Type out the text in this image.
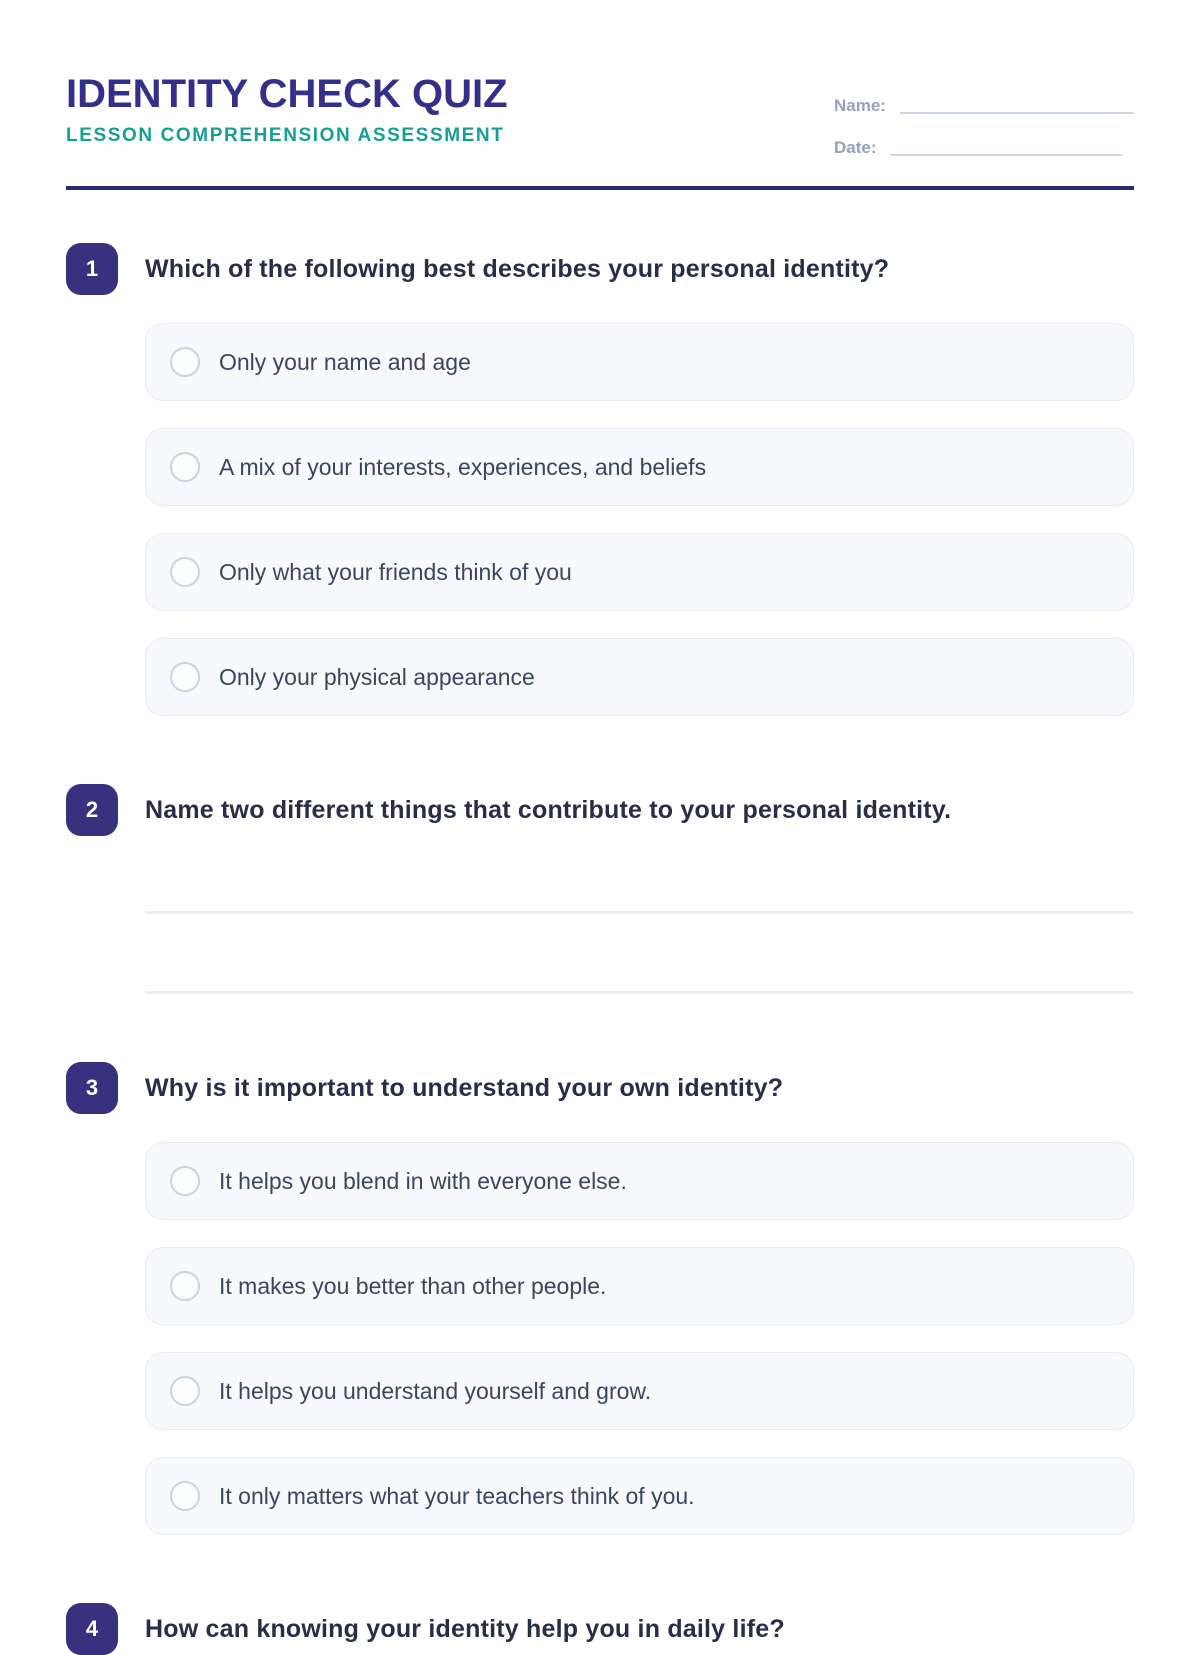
IDENTITY CHECK QUIZ
LESSON COMPREHENSION ASSESSMENT
Name:
Date:
1 Which of the following best describes your personal identity?
Only your name and age
A mix of your interests, experiences, and beliefs
Only what your friends think of you
Only your physical appearance
2 Name two different things that contribute to your personal identity.
3 Why is it important to understand your own identity?
It helps you blend in with everyone else.
It makes you better than other people.
It helps you understand yourself and grow.
It only matters what your teachers think of you.
4 How can knowing your identity help you in daily life?
